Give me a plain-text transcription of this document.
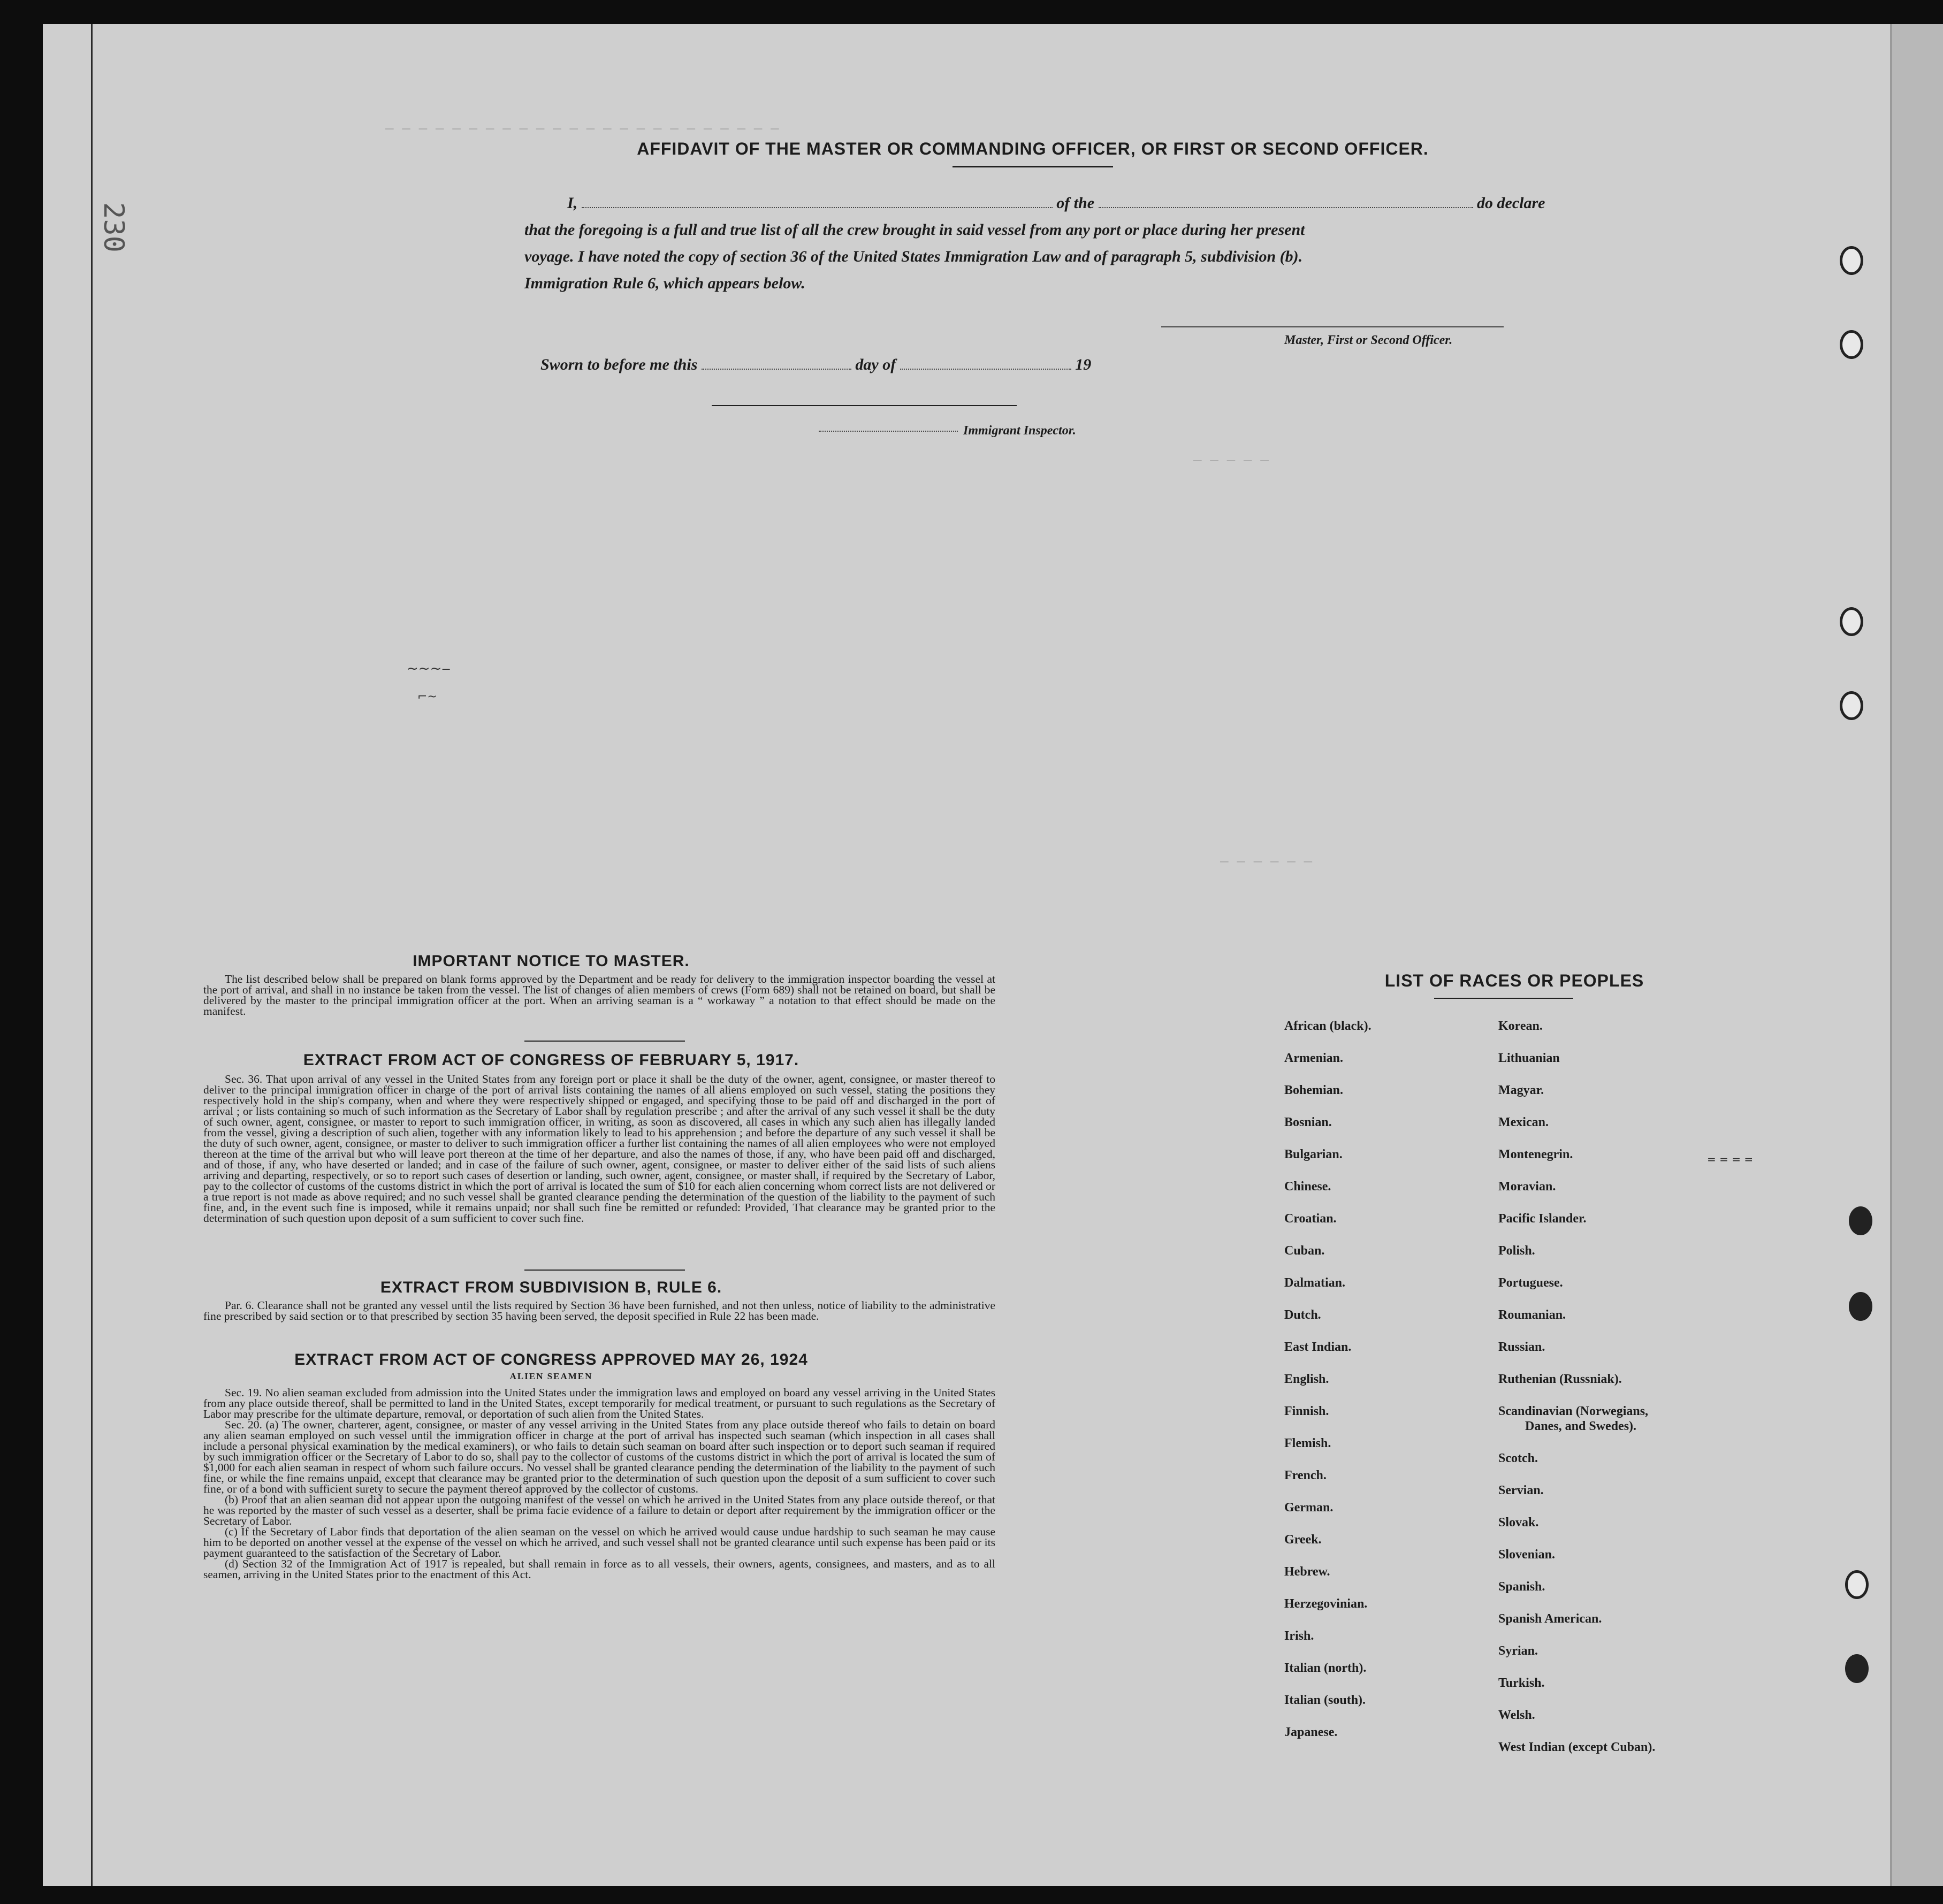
230
— — — — — — — — — — — — — — — — — — — — — — — —
— — — — —
— — — — — —
AFFIDAVIT OF THE MASTER OR COMMANDING OFFICER, OR FIRST OR SECOND OFFICER.
I,	of the	do declare
that the foregoing is a full and true list of all the crew brought in said vessel from any port or place during her present
voyage. I have noted the copy of section 36 of the United States Immigration Law and of paragraph 5, subdivision (b).
Immigration Rule 6, which appears below.
Master, First or Second Officer.
Sworn to before me this	day of	19
Immigrant Inspector.
~~~‒
⌐~
IMPORTANT NOTICE TO MASTER.

The list described below shall be prepared on blank forms approved by the Department and be ready for delivery to the immigration inspector boarding the vessel at the port of arrival, and shall in no instance be taken from the vessel. The list of changes of alien members of crews (Form 689) shall not be retained on board, but shall be delivered by the master to the principal immigration officer at the port. When an arriving seaman is a “ workaway ” a notation to that effect should be made on the manifest.

EXTRACT FROM ACT OF CONGRESS OF FEBRUARY 5, 1917.

Sec. 36. That upon arrival of any vessel in the United States from any foreign port or place it shall be the duty of the owner, agent, consignee, or master thereof to deliver to the principal immigration officer in charge of the port of arrival lists containing the names of all aliens employed on such vessel, stating the positions they respectively hold in the ship's company, when and where they were respectively shipped or engaged, and specifying those to be paid off and discharged in the port of arrival ; or lists containing so much of such information as the Secretary of Labor shall by regulation prescribe ; and after the arrival of any such vessel it shall be the duty of such owner, agent, consignee, or master to report to such immigration officer, in writing, as soon as discovered, all cases in which any such alien has illegally landed from the vessel, giving a description of such alien, together with any information likely to lead to his apprehension ; and before the departure of any such vessel it shall be the duty of such owner, agent, consignee, or master to deliver to such immigration officer a further list containing the names of all alien employees who were not employed thereon at the time of the arrival but who will leave port thereon at the time of her departure, and also the names of those, if any, who have been paid off and discharged, and of those, if any, who have deserted or landed; and in case of the failure of such owner, agent, consignee, or master to deliver either of the said lists of such aliens arriving and departing, respectively, or so to report such cases of desertion or landing, such owner, agent, consignee, or master shall, if required by the Secretary of Labor, pay to the collector of customs of the customs district in which the port of arrival is located the sum of $10 for each alien concerning whom correct lists are not delivered or a true report is not made as above required; and no such vessel shall be granted clearance pending the determination of the question of the liability to the payment of such fine, and, in the event such fine is imposed, while it remains unpaid; nor shall such fine be remitted or refunded: Provided, That clearance may be granted prior to the determination of such question upon deposit of a sum sufficient to cover such fine.

EXTRACT FROM SUBDIVISION B, RULE 6.

Par. 6. Clearance shall not be granted any vessel until the lists required by Section 36 have been furnished, and not then unless, notice of liability to the administrative fine prescribed by said section or to that prescribed by section 35 having been served, the deposit specified in Rule 22 has been made.

EXTRACT FROM ACT OF CONGRESS APPROVED MAY 26, 1924
ALIEN SEAMEN

Sec. 19. No alien seaman excluded from admission into the United States under the immigration laws and employed on board any vessel arriving in the United States from any place outside thereof, shall be permitted to land in the United States, except temporarily for medical treatment, or pursuant to such regulations as the Secretary of Labor may prescribe for the ultimate departure, removal, or deportation of such alien from the United States.

Sec. 20. (a) The owner, charterer, agent, consignee, or master of any vessel arriving in the United States from any place outside thereof who fails to detain on board any alien seaman employed on such vessel until the immigration officer in charge at the port of arrival has inspected such seaman (which inspection in all cases shall include a personal physical examination by the medical examiners), or who fails to detain such seaman on board after such inspection or to deport such seaman if required by such immigration officer or the Secretary of Labor to do so, shall pay to the collector of customs of the customs district in which the port of arrival is located the sum of $1,000 for each alien seaman in respect of whom such failure occurs. No vessel shall be granted clearance pending the determination of the liability to the payment of such fine, or while the fine remains unpaid, except that clearance may be granted prior to the determination of such question upon the deposit of a sum sufficient to cover such fine, or of a bond with sufficient surety to secure the payment thereof approved by the collector of customs.

(b) Proof that an alien seaman did not appear upon the outgoing manifest of the vessel on which he arrived in the United States from any place outside thereof, or that he was reported by the master of such vessel as a deserter, shall be prima facie evidence of a failure to detain or deport after requirement by the immigration officer or the Secretary of Labor.

(c) If the Secretary of Labor finds that deportation of the alien seaman on the vessel on which he arrived would cause undue hardship to such seaman he may cause him to be deported on another vessel at the expense of the vessel on which he arrived, and such vessel shall not be granted clearance until such expense has been paid or its payment guaranteed to the satisfaction of the Secretary of Labor.

(d) Section 32 of the Immigration Act of 1917 is repealed, but shall remain in force as to all vessels, their owners, agents, consignees, and masters, and as to all seamen, arriving in the United States prior to the enactment of this Act.

LIST OF RACES OR PEOPLES
African (black).
Armenian.
Bohemian.
Bosnian.
Bulgarian.
Chinese.
Croatian.
Cuban.
Dalmatian.
Dutch.
East Indian.
English.
Finnish.
Flemish.
French.
German.
Greek.
Hebrew.
Herzegovinian.
Irish.
Italian (north).
Italian (south).
Japanese.
Korean.
Lithuanian
Magyar.
Mexican.
Montenegrin.
Moravian.
Pacific Islander.
Polish.
Portuguese.
Roumanian.
Russian.
Ruthenian (Russniak).
Scandinavian (Norwegians,
Danes, and Swedes).
Scotch.
Servian.
Slovak.
Slovenian.
Spanish.
Spanish American.
Syrian.
Turkish.
Welsh.
West Indian (except Cuban).
= = = =
